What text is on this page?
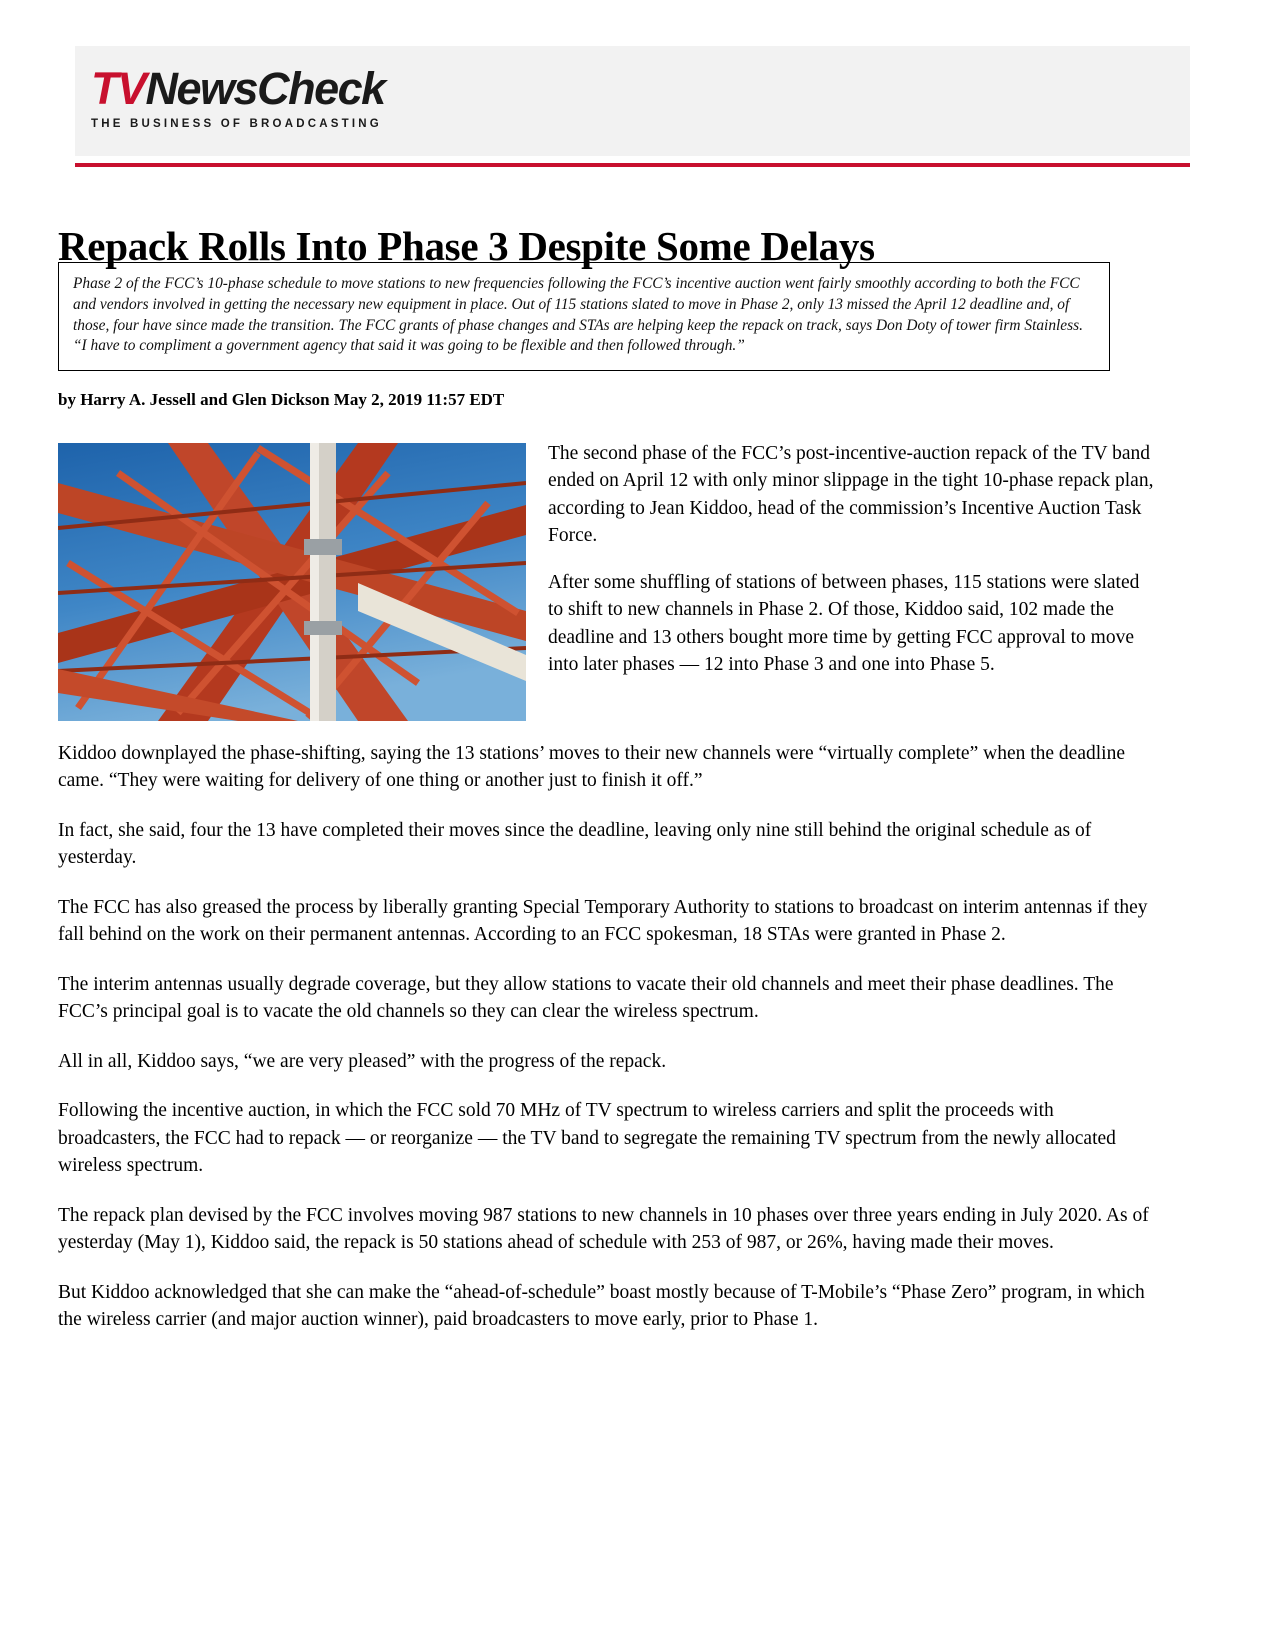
TVNewsCheck
THE BUSINESS OF BROADCASTING
Repack Rolls Into Phase 3 Despite Some Delays
Phase 2 of the FCC’s 10-phase schedule to move stations to new frequencies following the FCC’s incentive auction went fairly smoothly according to both the FCC and vendors involved in getting the necessary new equipment in place. Out of 115 stations slated to move in Phase 2, only 13 missed the April 12 deadline and, of those, four have since made the transition. The FCC grants of phase changes and STAs are helping keep the repack on track, says Don Doty of tower firm Stainless. “I have to compliment a government agency that said it was going to be flexible and then followed through.”
by Harry A. Jessell and Glen Dickson May 2, 2019 11:57 EDT

The second phase of the FCC’s post-incentive-auction repack of the TV band ended on April 12 with only minor slippage in the tight 10-phase repack plan, according to Jean Kiddoo, head of the commission’s Incentive Auction Task Force.

After some shuffling of stations of between phases, 115 stations were slated to shift to new channels in Phase 2. Of those, Kiddoo said, 102 made the deadline and 13 others bought more time by getting FCC approval to move into later phases — 12 into Phase 3 and one into Phase 5.

Kiddoo downplayed the phase-shifting, saying the 13 stations’ moves to their new channels were “virtually complete” when the deadline came. “They were waiting for delivery of one thing or another just to finish it off.”

In fact, she said, four the 13 have completed their moves since the deadline, leaving only nine still behind the original schedule as of yesterday.

The FCC has also greased the process by liberally granting Special Temporary Authority to stations to broadcast on interim antennas if they fall behind on the work on their permanent antennas. According to an FCC spokesman, 18 STAs were granted in Phase 2.

The interim antennas usually degrade coverage, but they allow stations to vacate their old channels and meet their phase deadlines. The FCC’s principal goal is to vacate the old channels so they can clear the wireless spectrum.

All in all, Kiddoo says, “we are very pleased” with the progress of the repack.

Following the incentive auction, in which the FCC sold 70 MHz of TV spectrum to wireless carriers and split the proceeds with broadcasters, the FCC had to repack — or reorganize — the TV band to segregate the remaining TV spectrum from the newly allocated wireless spectrum.

The repack plan devised by the FCC involves moving 987 stations to new channels in 10 phases over three years ending in July 2020. As of yesterday (May 1), Kiddoo said, the repack is 50 stations ahead of schedule with 253 of 987, or 26%, having made their moves.

But Kiddoo acknowledged that she can make the “ahead-of-schedule” boast mostly because of T-Mobile’s “Phase Zero” program, in which the wireless carrier (and major auction winner), paid broadcasters to move early, prior to Phase 1.
